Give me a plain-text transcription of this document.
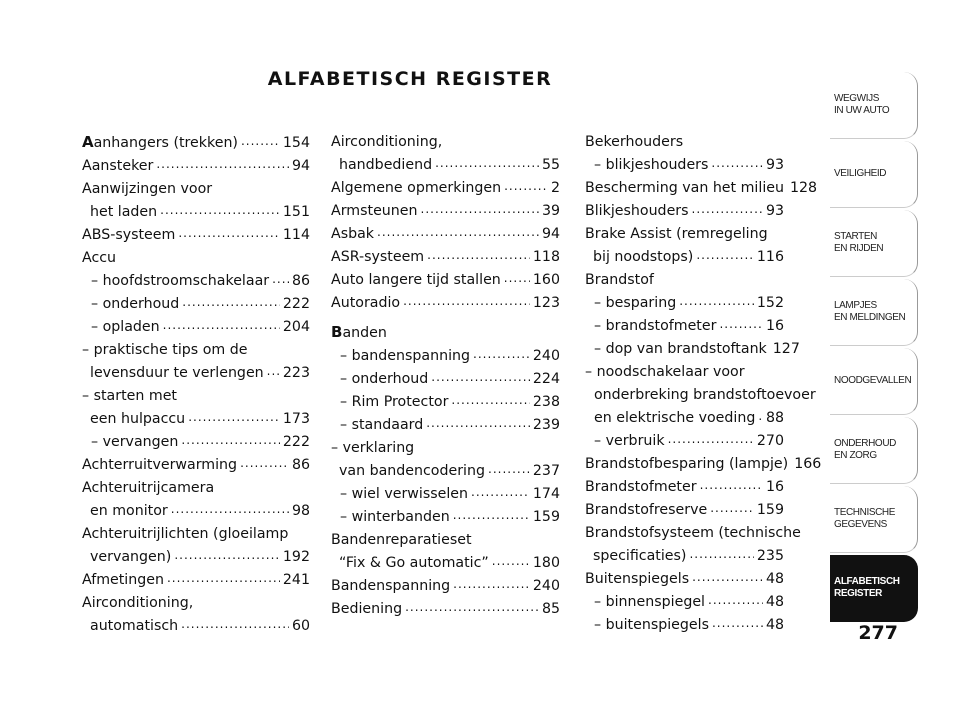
ALFABETISCH REGISTER
Aanhangers (trekken) .....	154
Aansteker .....	94
Aanwijzingen voor
het laden .....	151
ABS-systeem .....	114
Accu
– hoofdstroomschakelaar ..... 86
– onderhoud .....	222
– opladen .....	204
– praktische tips om de
levensduur te verlengen ..... 223
– starten met
een hulpaccu .....	173
– vervangen .....	222
Achterruitverwarming .....	86
Achteruitrijcamera
en monitor .....	98
Achteruitrijlichten (gloeilamp
vervangen) .....	192
Afmetingen .....	241
Airconditioning,
automatisch .....	60
Airconditioning,
handbediend .....	55
Algemene opmerkingen .....	2
Armsteunen .....	39
Asbak .....	94
ASR-systeem .....	118
Auto langere tijd stallen ..... 160
Autoradio .....	123
Banden
– bandenspanning .....	240
– onderhoud .....	224
– Rim Protector .....	238
– standaard .....	239
– verklaring
van bandencodering .....	237
– wiel verwisselen .....	174
– winterbanden .....	159
Bandenreparatieset
“Fix & Go automatic” .....	180
Bandenspanning .....	240
Bediening .....	85
Bekerhouders
– blikjeshouders .....	93
Bescherming van het milieu 128
Blikjeshouders .....	93
Brake Assist (remregeling
bij noodstops) .....	116
Brandstof
– besparing .....	152
– brandstofmeter .....	16
– dop van brandstoftank 127
– noodschakelaar voor
onderbreking brandstoftoevoer
en elektrische voeding ..... 88
– verbruik .....	270
Brandstofbesparing (lampje) 166
Brandstofmeter .....	16
Brandstofreserve .....	159
Brandstofsysteem (technische
specificaties) .....	235
Buitenspiegels .....	48
– binnenspiegel .....	48
– buitenspiegels .....	48
WEGWIJS
IN UW AUTO
VEILIGHEID
STARTEN
EN RIJDEN
LAMPJES
EN MELDINGEN
NOODGEVALLEN
ONDERHOUD
EN ZORG
TECHNISCHE
GEGEVENS
ALFABETISCH
REGISTER
277
